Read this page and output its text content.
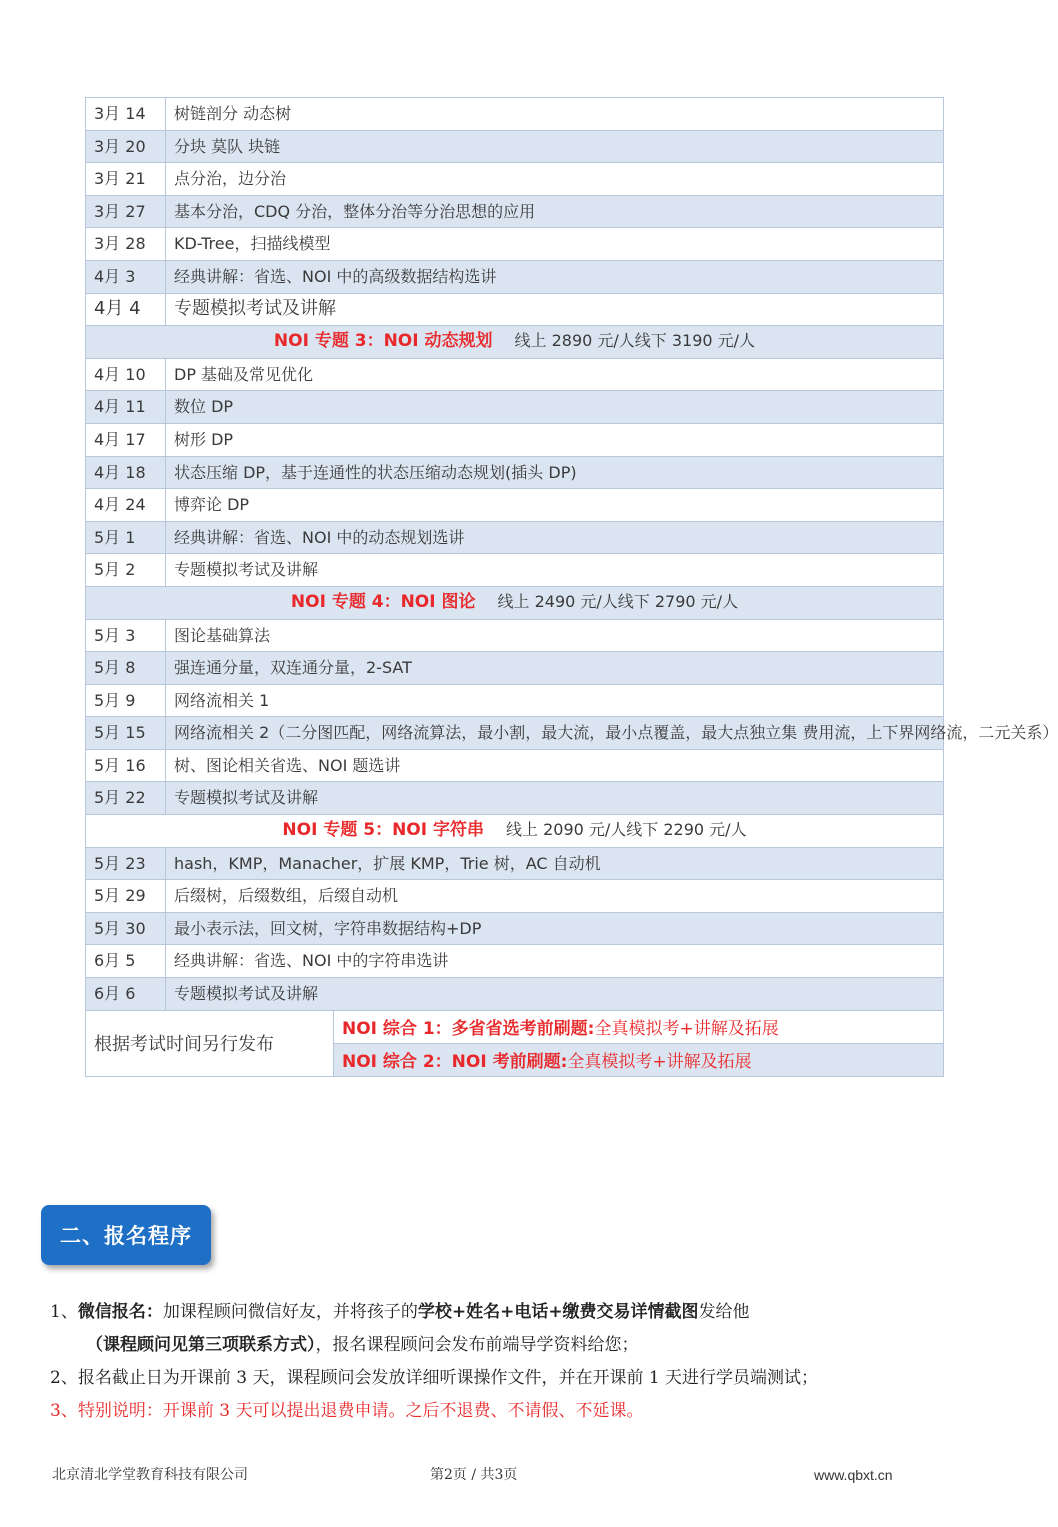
3月 14	树链剖分 动态树
3月 20	分块 莫队 块链
3月 21	点分治，边分治
3月 27	基本分治，CDQ 分治，整体分治等分治思想的应用
3月 28	KD-Tree，扫描线模型
4月 3	经典讲解：省选、NOI 中的高级数据结构选讲
4月 4	专题模拟考试及讲解
NOI 专题 3：NOI 动态规划 线上 2890 元/人线下 3190 元/人	
4月 10	DP 基础及常见优化
4月 11	数位 DP
4月 17	树形 DP
4月 18	状态压缩 DP，基于连通性的状态压缩动态规划(插头 DP)
4月 24	博弈论 DP
5月 1	经典讲解：省选、NOI 中的动态规划选讲
5月 2	专题模拟考试及讲解
NOI 专题 4：NOI 图论 线上 2490 元/人线下 2790 元/人	
5月 3	图论基础算法
5月 8	强连通分量，双连通分量，2-SAT
5月 9	网络流相关 1
5月 15	网络流相关 2（二分图匹配，网络流算法，最小割，最大流，最小点覆盖，最大点独立集 费用流，上下界网络流，二元关系）
5月 16	树、图论相关省选、NOI 题选讲
5月 22	专题模拟考试及讲解
NOI 专题 5：NOI 字符串 线上 2090 元/人线下 2290 元/人	
5月 23	hash，KMP，Manacher，扩展 KMP，Trie 树，AC 自动机
5月 29	后缀树，后缀数组，后缀自动机
5月 30	最小表示法，回文树，字符串数据结构+DP
6月 5	经典讲解：省选、NOI 中的字符串选讲
6月 6	专题模拟考试及讲解
二、报名程序
1、微信报名：加课程顾问微信好友，并将孩子的学校+姓名+电话+缴费交易详情截图发给他
（课程顾问见第三项联系方式），报名课程顾问会发布前端导学资料给您；
2、报名截止日为开课前 3 天，课程顾问会发放详细听课操作文件，并在开课前 1 天进行学员端测试；
3、特别说明：开课前 3 天可以提出退费申请。之后不退费、不请假、不延课。
北京清北学堂教育科技有限公司	第2页 / 共3页	www.qbxt.cn
根据考试时间另行发布	NOI 综合 1：多省省选考前刷题:全真模拟考+讲解及拓展
NOI 综合 2：NOI 考前刷题:全真模拟考+讲解及拓展
